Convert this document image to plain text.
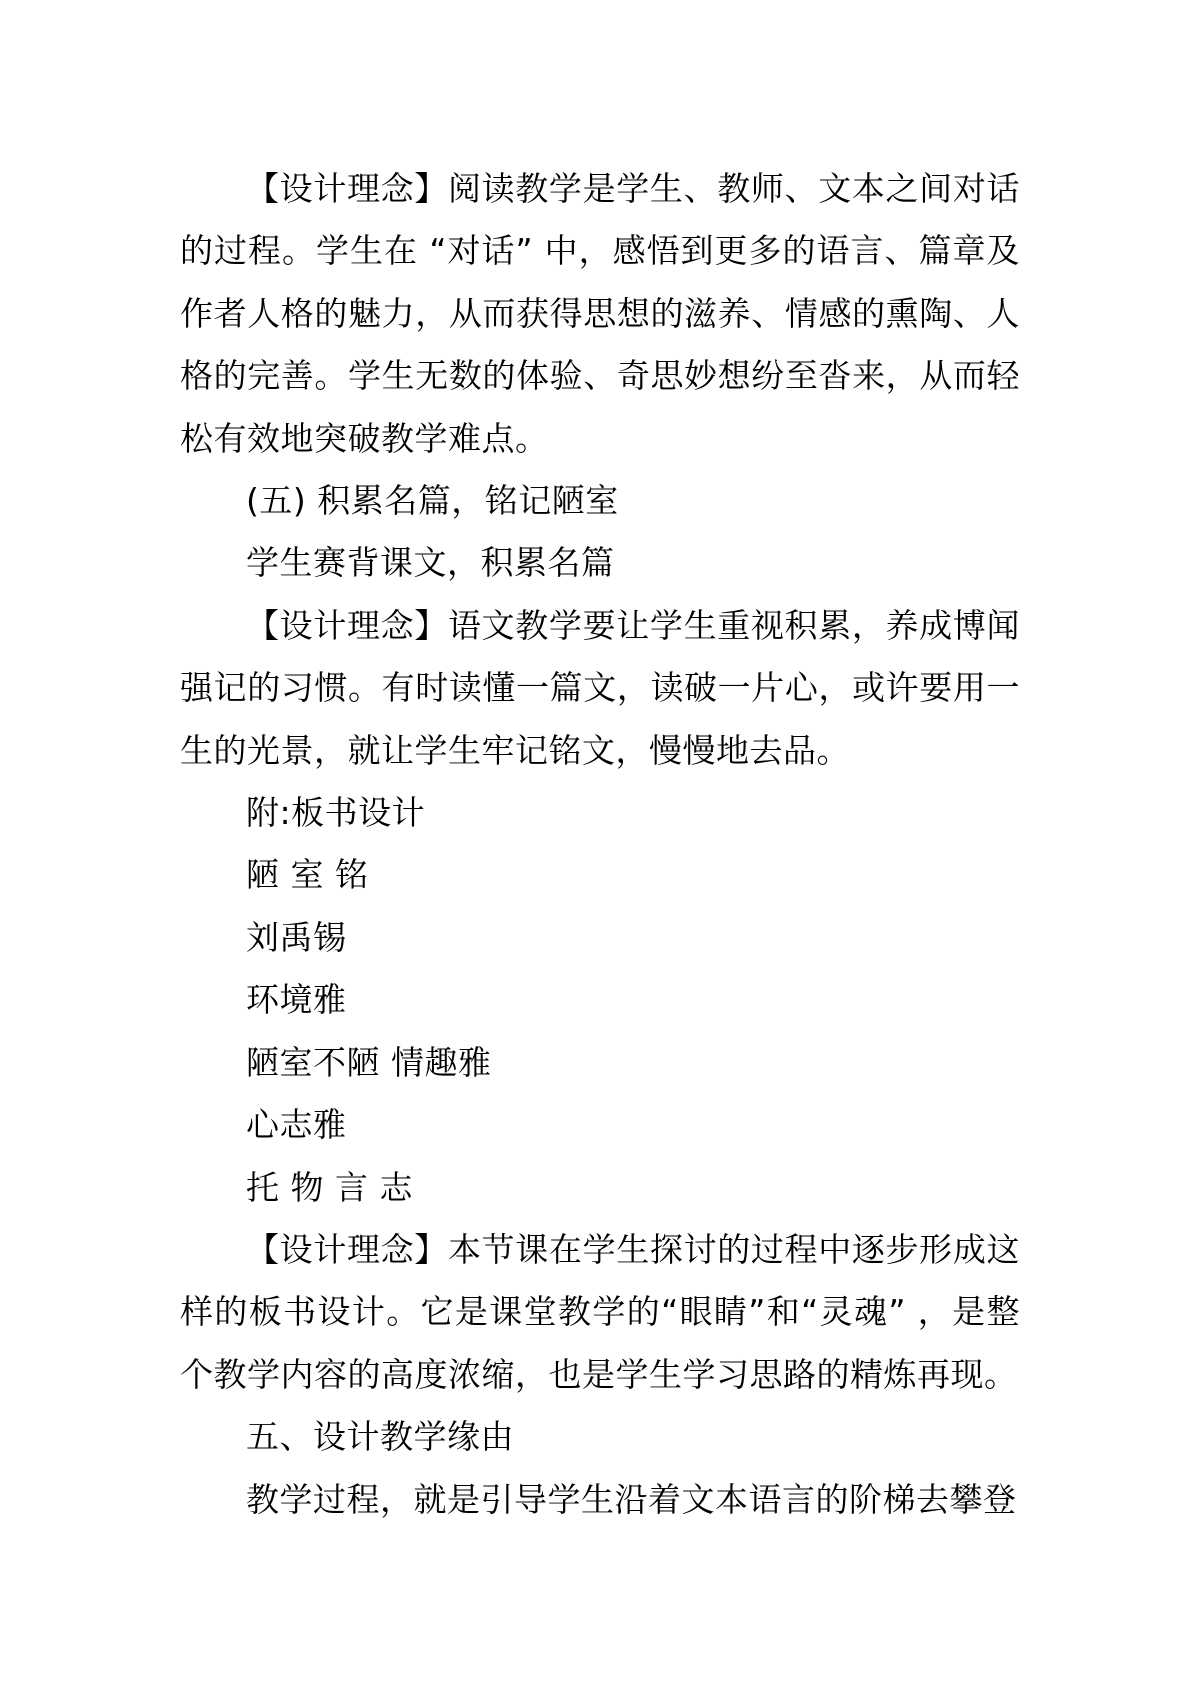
【设计理念】阅读教学是学生、教师、文本之间对话的过程。学生在 “对话” 中，感悟到更多的语言、篇章及作者人格的魅力，从而获得思想的滋养、情感的熏陶、人格的完善。学生无数的体验、奇思妙想纷至沓来，从而轻松有效地突破教学难点。

(五) 积累名篇，铭记陋室

学生赛背课文，积累名篇

【设计理念】语文教学要让学生重视积累，养成博闻强记的习惯。有时读懂一篇文，读破一片心，或许要用一生的光景，就让学生牢记铭文，慢慢地去品。

附:板书设计

陋 室 铭

刘禹锡

环境雅

陋室不陋 情趣雅

心志雅

托 物 言 志

【设计理念】本节课在学生探讨的过程中逐步形成这样的板书设计。它是课堂教学的“眼睛”和“灵魂” ，是整个教学内容的高度浓缩，也是学生学习思路的精炼再现。

五、设计教学缘由

教学过程，就是引导学生沿着文本语言的阶梯去攀登
